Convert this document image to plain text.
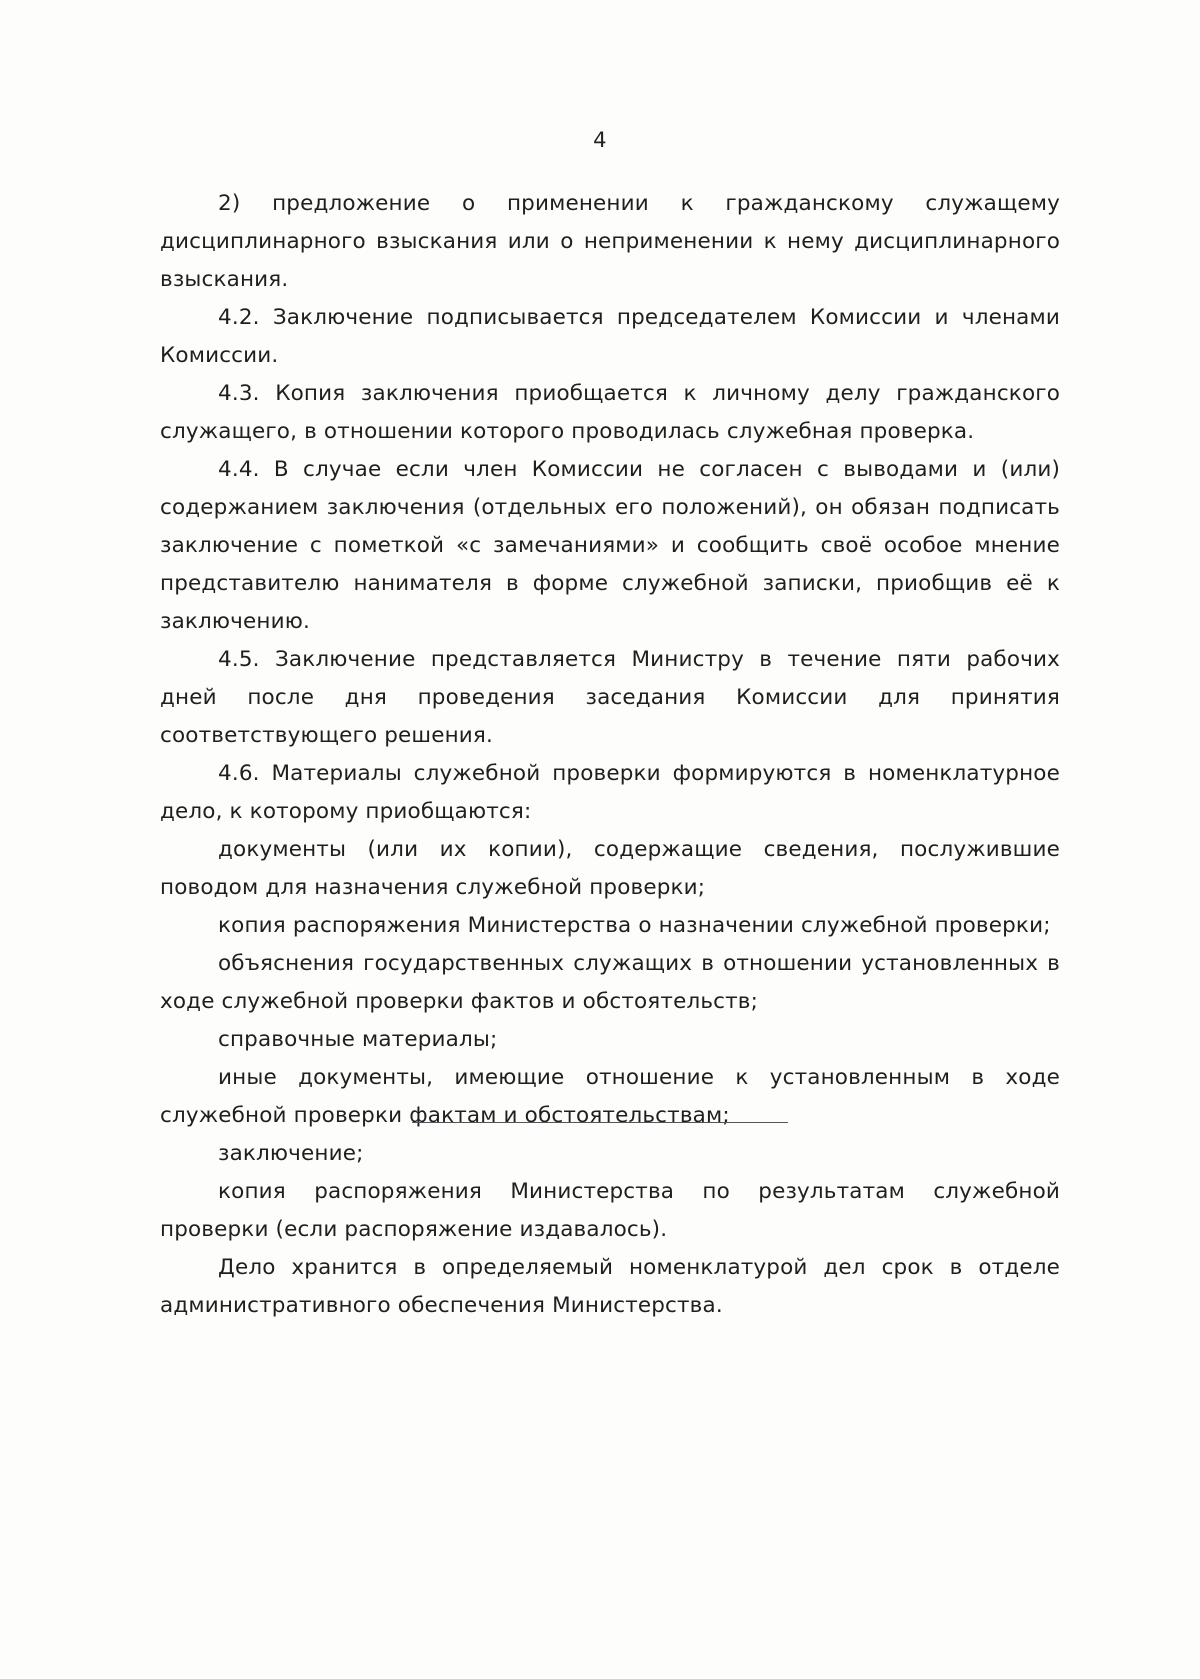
4

2) предложение о применении к гражданскому служащему дисциплинарного взыскания или о неприменении к нему дисциплинарного взыскания.

4.2. Заключение подписывается председателем Комиссии и членами Комиссии.

4.3. Копия заключения приобщается к личному делу гражданского служащего, в отношении которого проводилась служебная проверка.

4.4. В случае если член Комиссии не согласен с выводами и (или) содержанием заключения (отдельных его положений), он обязан подписать заключение с пометкой «с замечаниями» и сообщить своё особое мнение представителю нанимателя в форме служебной записки, приобщив её к заключению.

4.5. Заключение представляется Министру в течение пяти рабочих дней после дня проведения заседания Комиссии для принятия соответствующего решения.

4.6. Материалы служебной проверки формируются в номенклатурное дело, к которому приобщаются:

документы (или их копии), содержащие сведения, послужившие поводом для назначения служебной проверки;

копия распоряжения Министерства о назначении служебной проверки;

объяснения государственных служащих в отношении установленных в ходе служебной проверки фактов и обстоятельств;

справочные материалы;

иные документы, имеющие отношение к установленным в ходе служебной проверки фактам и обстоятельствам;

заключение;

копия распоряжения Министерства по результатам служебной проверки (если распоряжение издавалось).

Дело хранится в определяемый номенклатурой дел срок в отделе административного обеспечения Министерства.
